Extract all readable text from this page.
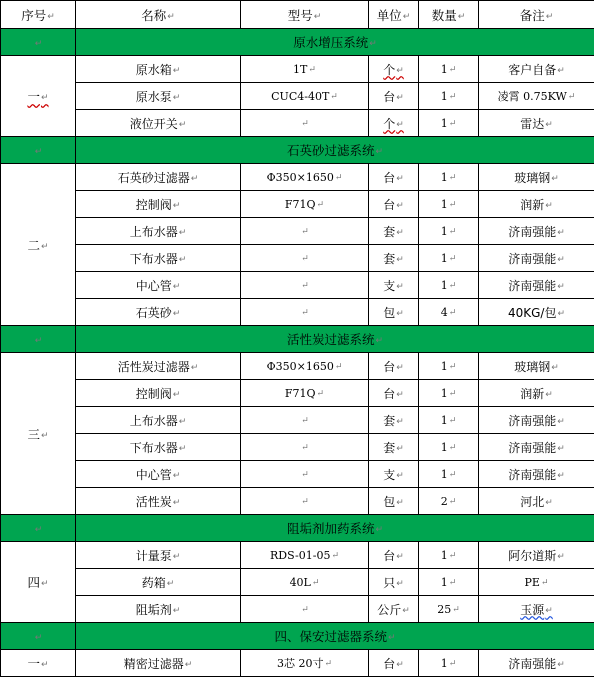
序号 ↵	名称 ↵	型号 ↵	单位 ↵	数量 ↵	备注 ↵
↵	原水增压系统 ↵
一 ↵	原水箱 ↵	1T ↵	个 ↵	1 ↵	客户自备 ↵
	原水泵 ↵	CUC4-40T ↵	台 ↵	1 ↵	凌霄 0.75KW ↵
	液位开关 ↵	↵	个 ↵	1 ↵	雷达 ↵
↵	石英砂过滤系统 ↵
二 ↵	石英砂过滤器 ↵	Φ350×1650 ↵	台 ↵	1 ↵	玻璃钢 ↵
	控制阀 ↵	F71Q ↵	台 ↵	1 ↵	润新 ↵
	上布水器 ↵	↵	套 ↵	1 ↵	济南强能 ↵
	下布水器 ↵	↵	套 ↵	1 ↵	济南强能 ↵
	中心管 ↵	↵	支 ↵	1 ↵	济南强能 ↵
	石英砂 ↵	↵	包 ↵	4 ↵	40KG/包 ↵
↵	活性炭过滤系统 ↵
三 ↵	活性炭过滤器 ↵	Φ350×1650 ↵	台 ↵	1 ↵	玻璃钢 ↵
	控制阀 ↵	F71Q ↵	台 ↵	1 ↵	润新 ↵
	上布水器 ↵	↵	套 ↵	1 ↵	济南强能 ↵
	下布水器 ↵	↵	套 ↵	1 ↵	济南强能 ↵
	中心管 ↵	↵	支 ↵	1 ↵	济南强能 ↵
	活性炭 ↵	↵	包 ↵	2 ↵	河北 ↵
↵	阻垢剂加药系统 ↵
四 ↵	计量泵 ↵	RDS-01-05 ↵	台 ↵	1 ↵	阿尔道斯 ↵
	药箱 ↵	40L ↵	只 ↵	1 ↵	PE ↵
	阻垢剂 ↵	↵	公斤 ↵	25 ↵	玉源 ↵
↵	四、保安过滤器系统 ↵
一 ↵	精密过滤器 ↵	3芯 20寸 ↵	台 ↵	1 ↵	济南强能 ↵
